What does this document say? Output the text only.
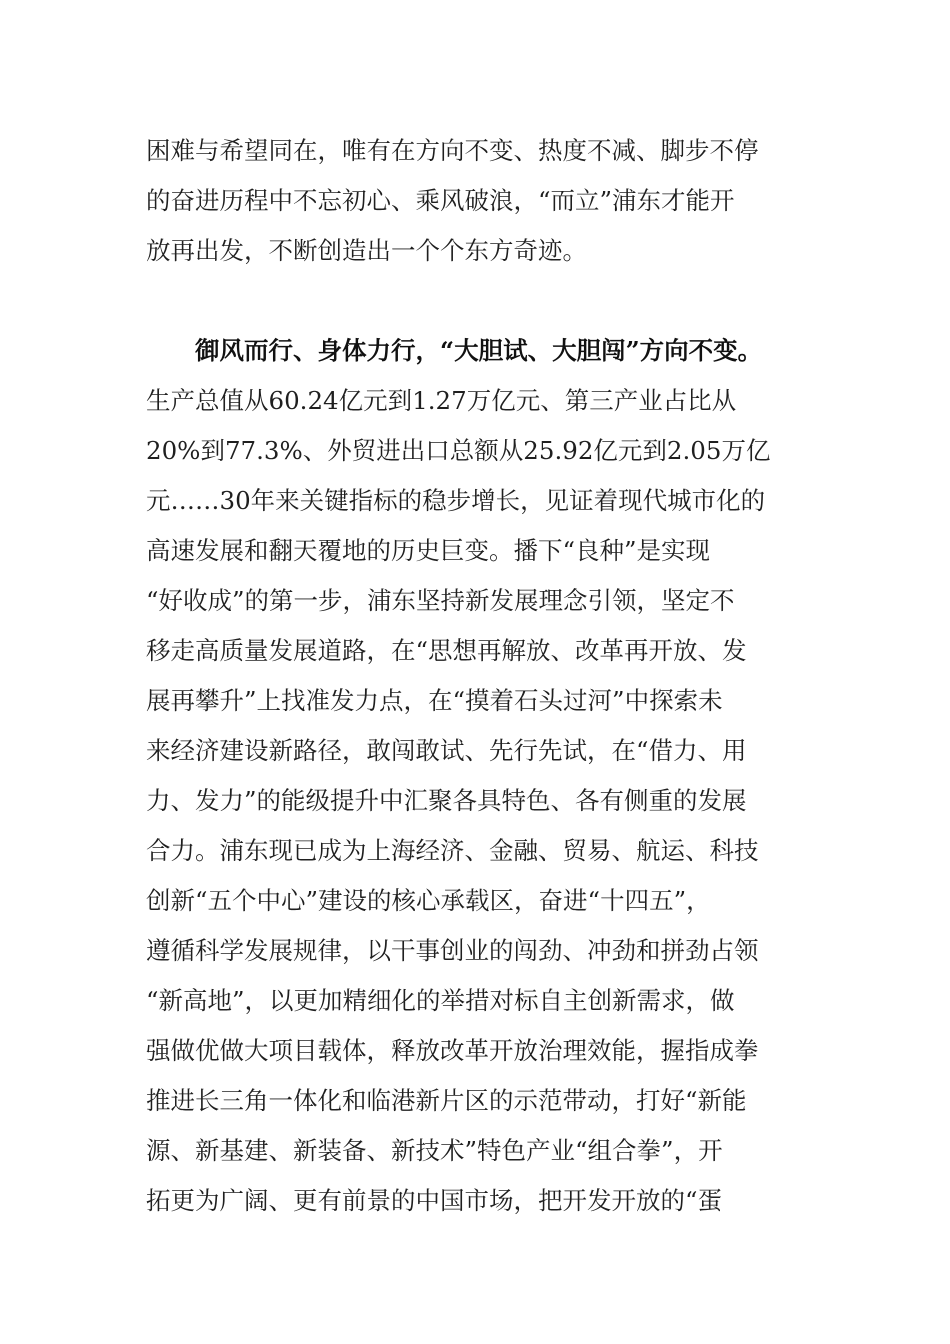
困难与希望同在，唯有在方向不变、热度不减、脚步不停
的奋进历程中不忘初心、乘风破浪，“而立”浦东才能开
放再出发，不断创造出一个个东方奇迹。
御风而行、身体力行，“大胆试、大胆闯”方向不变。
生产总值从60.24亿元到1.27万亿元、第三产业占比从
20%到77.3%、外贸进出口总额从25.92亿元到2.05万亿
元……30年来关键指标的稳步增长，见证着现代城市化的
高速发展和翻天覆地的历史巨变。播下“良种”是实现
“好收成”的第一步，浦东坚持新发展理念引领，坚定不
移走高质量发展道路，在“思想再解放、改革再开放、发
展再攀升”上找准发力点，在“摸着石头过河”中探索未
来经济建设新路径，敢闯敢试、先行先试，在“借力、用
力、发力”的能级提升中汇聚各具特色、各有侧重的发展
合力。浦东现已成为上海经济、金融、贸易、航运、科技
创新“五个中心”建设的核心承载区，奋进“十四五”，
遵循科学发展规律，以干事创业的闯劲、冲劲和拼劲占领
“新高地”，以更加精细化的举措对标自主创新需求，做
强做优做大项目载体，释放改革开放治理效能，握指成拳
推进长三角一体化和临港新片区的示范带动，打好“新能
源、新基建、新装备、新技术”特色产业“组合拳”，开
拓更为广阔、更有前景的中国市场，把开发开放的“蛋
